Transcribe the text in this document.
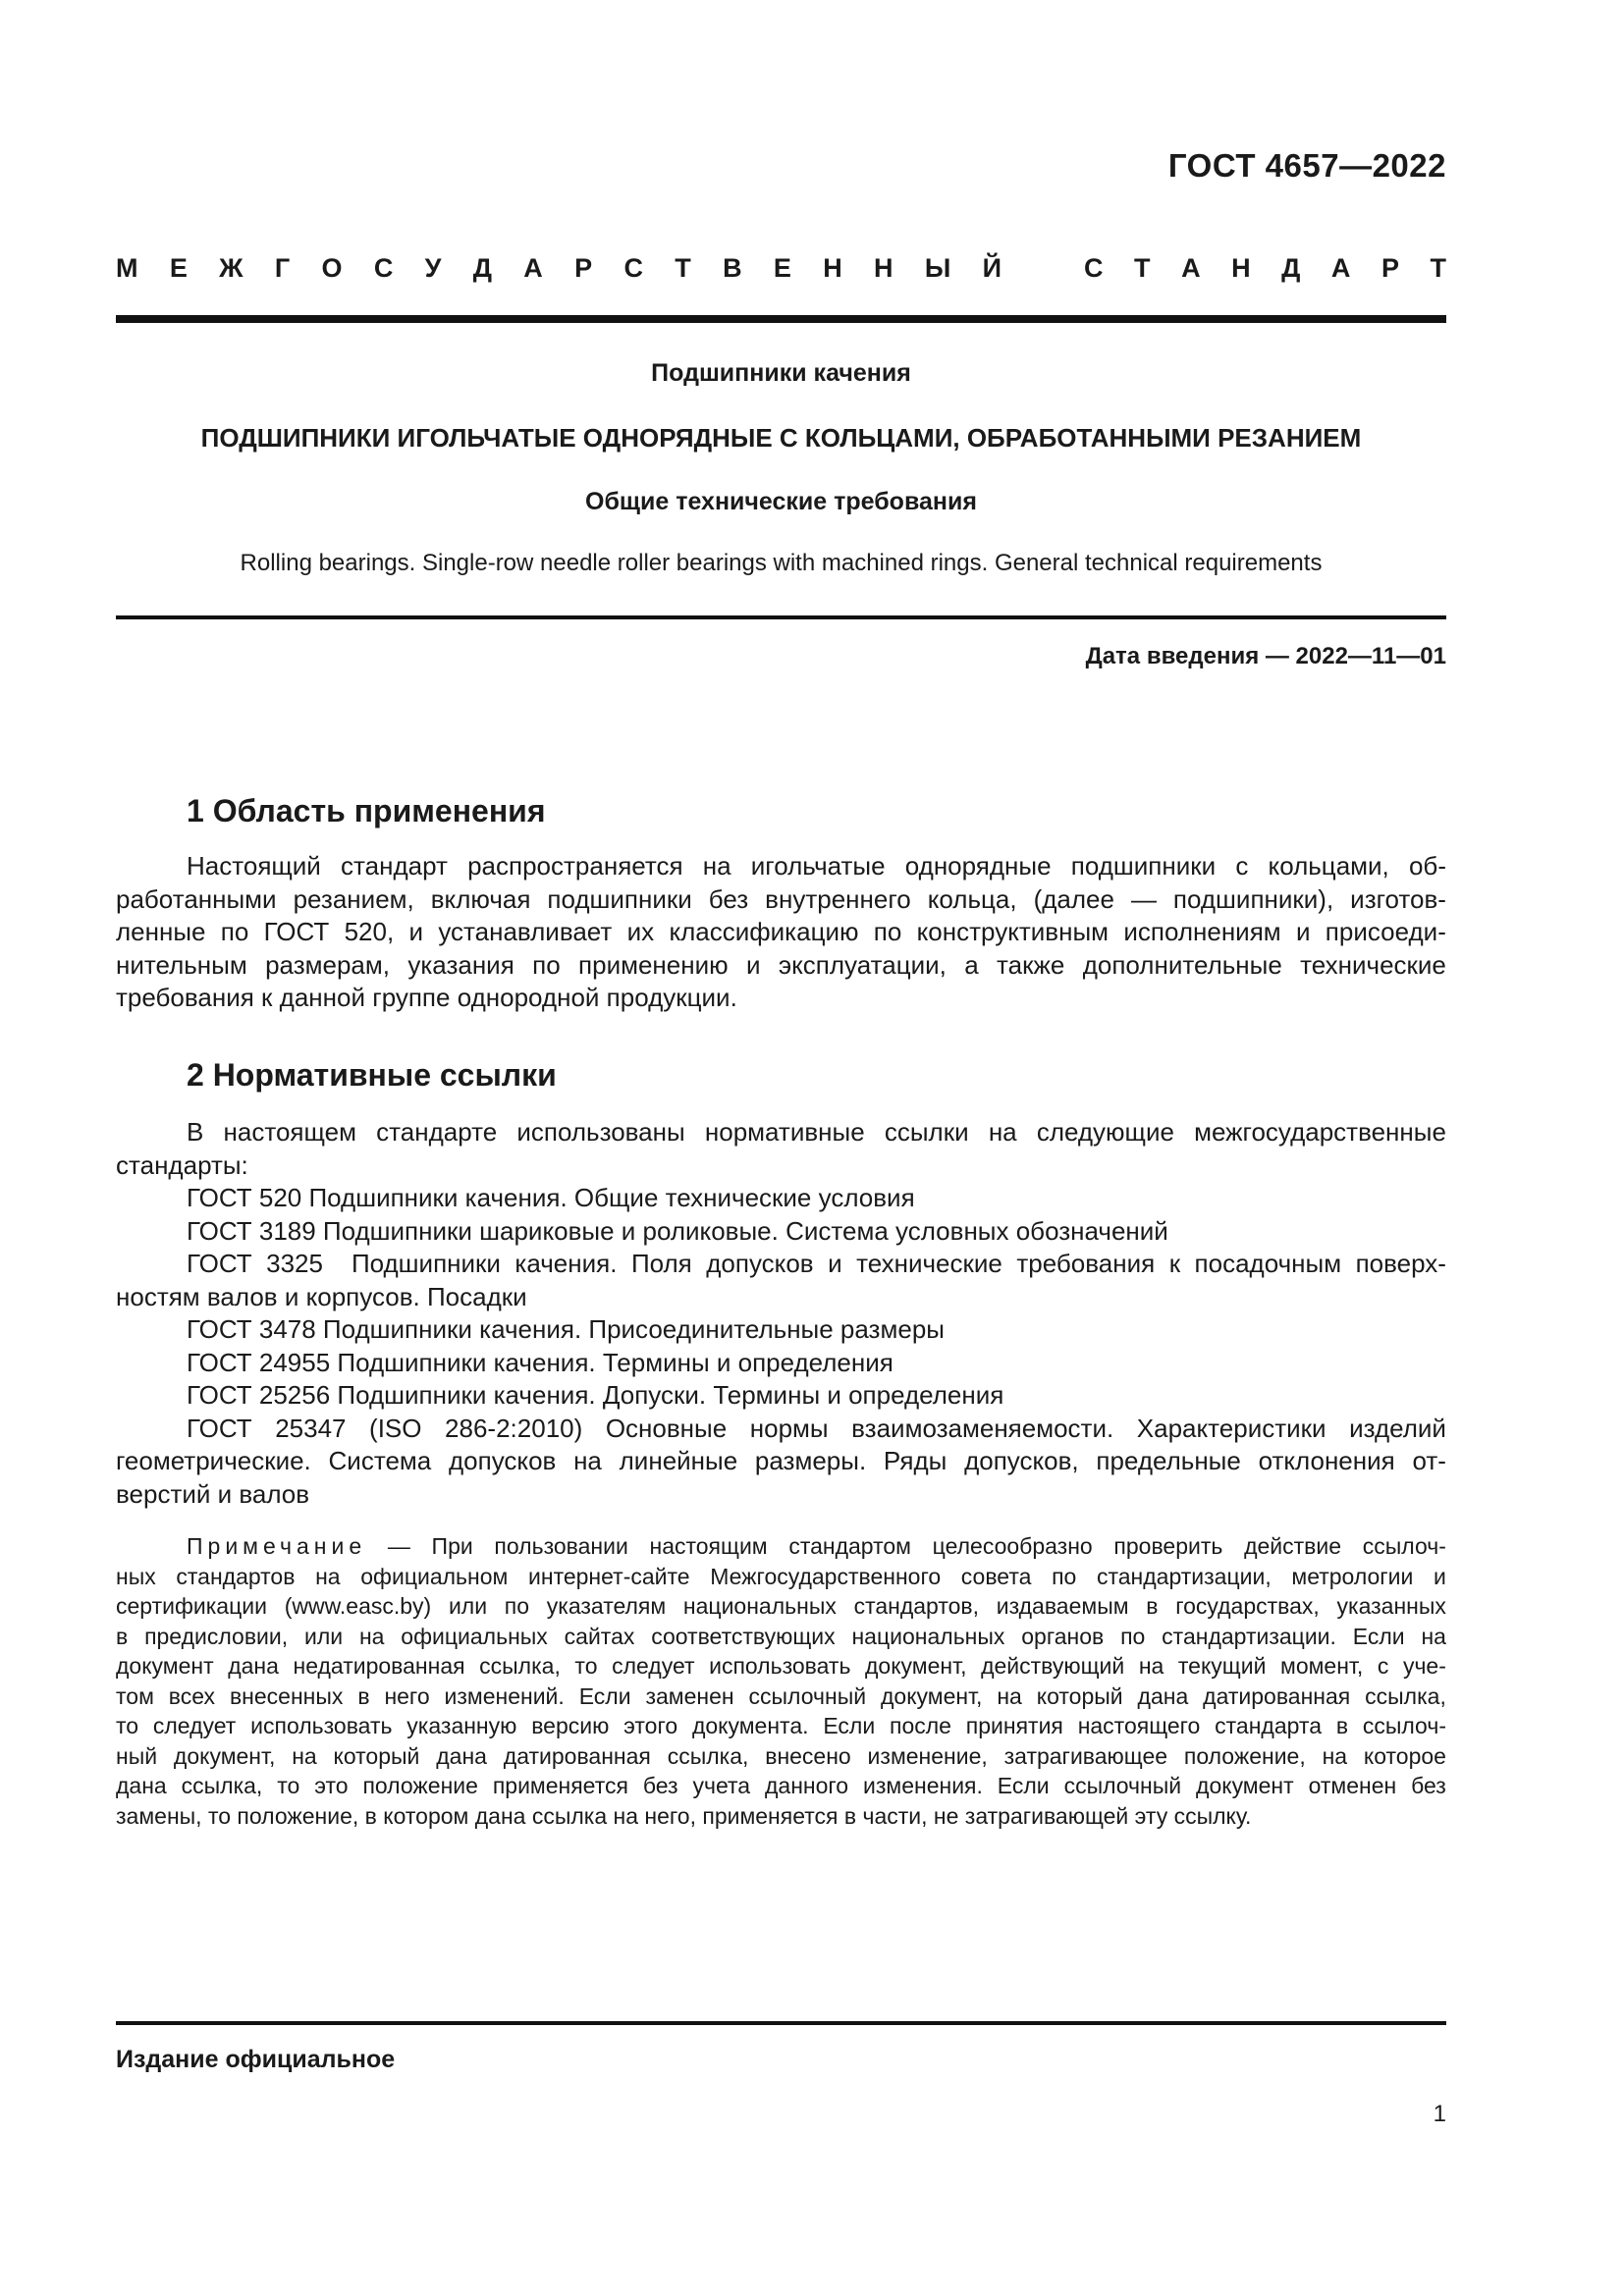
ГОСТ 4657—2022
М Е Ж Г О С У Д А Р С Т В Е Н Н Ы Й	С Т А Н Д А Р Т
Подшипники качения
ПОДШИПНИКИ ИГОЛЬЧАТЫЕ ОДНОРЯДНЫЕ С КОЛЬЦАМИ, ОБРАБОТАННЫМИ РЕЗАНИЕМ
Общие технические требования
Rolling bearings. Single-row needle roller bearings with machined rings. General technical requirements
Дата введения — 2022—11—01
1 Область применения
Настоящий стандарт распространяется на игольчатые однорядные подшипники с кольцами, об-
работанными резанием, включая подшипники без внутреннего кольца, (далее — подшипники), изготов-
ленные по ГОСТ 520, и устанавливает их классификацию по конструктивным исполнениям и присоеди-
нительным размерам, указания по применению и эксплуатации, а также дополнительные технические
требования к данной группе однородной продукции.
2 Нормативные ссылки
В настоящем стандарте использованы нормативные ссылки на следующие межгосударственные
стандарты:
ГОСТ 520 Подшипники качения. Общие технические условия
ГОСТ 3189 Подшипники шариковые и роликовые. Система условных обозначений
ГОСТ 3325 Подшипники качения. Поля допусков и технические требования к посадочным поверх-
ностям валов и корпусов. Посадки
ГОСТ 3478 Подшипники качения. Присоединительные размеры
ГОСТ 24955 Подшипники качения. Термины и определения
ГОСТ 25256 Подшипники качения. Допуски. Термины и определения
ГОСТ 25347 (ISO 286-2:2010) Основные нормы взаимозаменяемости. Характеристики изделий
геометрические. Система допусков на линейные размеры. Ряды допусков, предельные отклонения от-
верстий и валов
Примечание — При пользовании настоящим стандартом целесообразно проверить действие ссылоч-
ных стандартов на официальном интернет-сайте Межгосударственного совета по стандартизации, метрологии и
сертификации (www.easc.by) или по указателям национальных стандартов, издаваемым в государствах, указанных
в предисловии, или на официальных сайтах соответствующих национальных органов по стандартизации. Если на
документ дана недатированная ссылка, то следует использовать документ, действующий на текущий момент, с уче-
том всех внесенных в него изменений. Если заменен ссылочный документ, на который дана датированная ссылка,
то следует использовать указанную версию этого документа. Если после принятия настоящего стандарта в ссылоч-
ный документ, на который дана датированная ссылка, внесено изменение, затрагивающее положение, на которое
дана ссылка, то это положение применяется без учета данного изменения. Если ссылочный документ отменен без
замены, то положение, в котором дана ссылка на него, применяется в части, не затрагивающей эту ссылку.
Издание официальное
1
